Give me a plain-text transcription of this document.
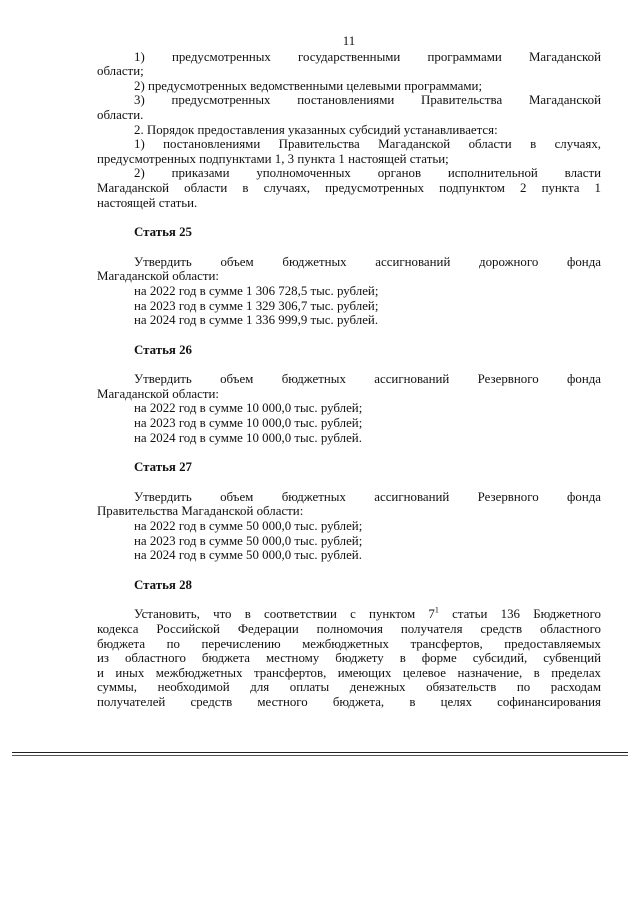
11

1) предусмотренных государственными программами Магаданской

области;

2) предусмотренных ведомственными целевыми программами;

3) предусмотренных постановлениями Правительства Магаданской

области.

2. Порядок предоставления указанных субсидий устанавливается:

1) постановлениями Правительства Магаданской области в случаях,

предусмотренных подпунктами 1, 3 пункта 1 настоящей статьи;

2) приказами уполномоченных органов исполнительной власти

Магаданской области в случаях, предусмотренных подпунктом 2 пункта 1

настоящей статьи.

Статья 25

Утвердить объем бюджетных ассигнований дорожного фонда

Магаданской области:

на 2022 год в сумме 1 306 728,5 тыс. рублей;

на 2023 год в сумме 1 329 306,7 тыс. рублей;

на 2024 год в сумме 1 336 999,9 тыс. рублей.

Статья 26

Утвердить объем бюджетных ассигнований Резервного фонда

Магаданской области:

на 2022 год в сумме 10 000,0 тыс. рублей;

на 2023 год в сумме 10 000,0 тыс. рублей;

на 2024 год в сумме 10 000,0 тыс. рублей.

Статья 27

Утвердить объем бюджетных ассигнований Резервного фонда

Правительства Магаданской области:

на 2022 год в сумме 50 000,0 тыс. рублей;

на 2023 год в сумме 50 000,0 тыс. рублей;

на 2024 год в сумме 50 000,0 тыс. рублей.

Статья 28

Установить, что в соответствии с пунктом $7^1$ статьи 136 Бюджетного

кодекса Российской Федерации полномочия получателя средств областного

бюджета по перечислению межбюджетных трансфертов, предоставляемых

из областного бюджета местному бюджету в форме субсидий, субвенций

и иных межбюджетных трансфертов, имеющих целевое назначение, в пределах

суммы, необходимой для оплаты денежных обязательств по расходам

получателей средств местного бюджета, в целях софинансирования
